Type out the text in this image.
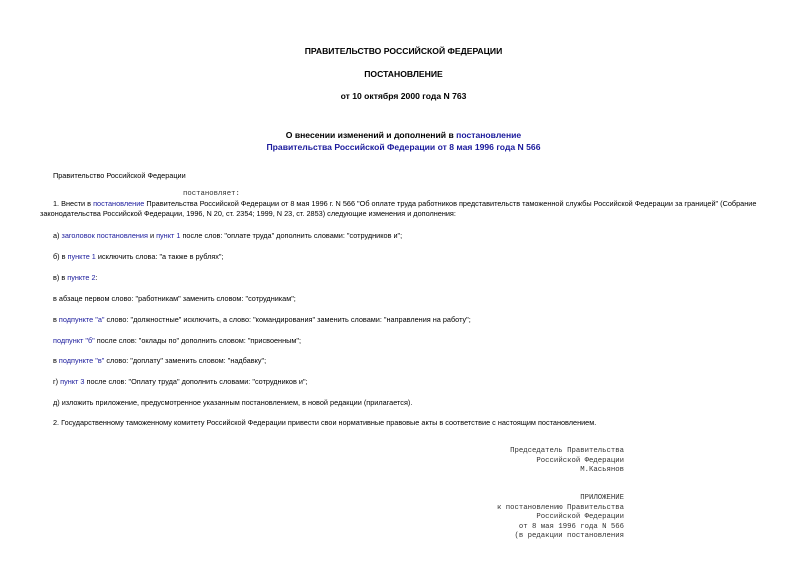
ПРАВИТЕЛЬСТВО РОССИЙСКОЙ ФЕДЕРАЦИИ
ПОСТАНОВЛЕНИЕ
от 10 октября 2000 года N 763
О внесении изменений и дополнений в постановление
Правительства Российской Федерации от 8 мая 1996 года N 566
Правительство Российской Федерации
постановляет:
1. Внести в постановление Правительства Российской Федерации от 8 мая 1996 г. N 566 "Об оплате труда работников представительств таможенной службы Российской Федерации за границей" (Собрание
законодательства Российской Федерации, 1996, N 20, ст. 2354; 1999, N 23, ст. 2853) следующие изменения и дополнения:
а) заголовок постановления и пункт 1 после слов: "оплате труда" дополнить словами: "сотрудников и";
б) в пункте 1 исключить слова: "а также в рублях";
в) в пункте 2:
в абзаце первом слово: "работникам" заменить словом: "сотрудникам";
в подпункте "а" слово: "должностные" исключить, а слово: "командирования" заменить словами: "направления на работу";
подпункт "б" после слов: "оклады по" дополнить словом: "присвоенным";
в подпункте "в" слово: "доплату" заменить словом: "надбавку";
г) пункт 3 после слов: "Оплату труда" дополнить словами: "сотрудников и";
д) изложить приложение, предусмотренное указанным постановлением, в новой редакции (прилагается).
2. Государственному таможенному комитету Российской Федерации привести свои нормативные правовые акты в соответствие с настоящим постановлением.
Председатель Правительства
Российской Федерации
М.Касьянов
ПРИЛОЖЕНИЕ
к постановлению Правительства
Российской Федерации
от 8 мая 1996 года N 566
(в редакции постановления
